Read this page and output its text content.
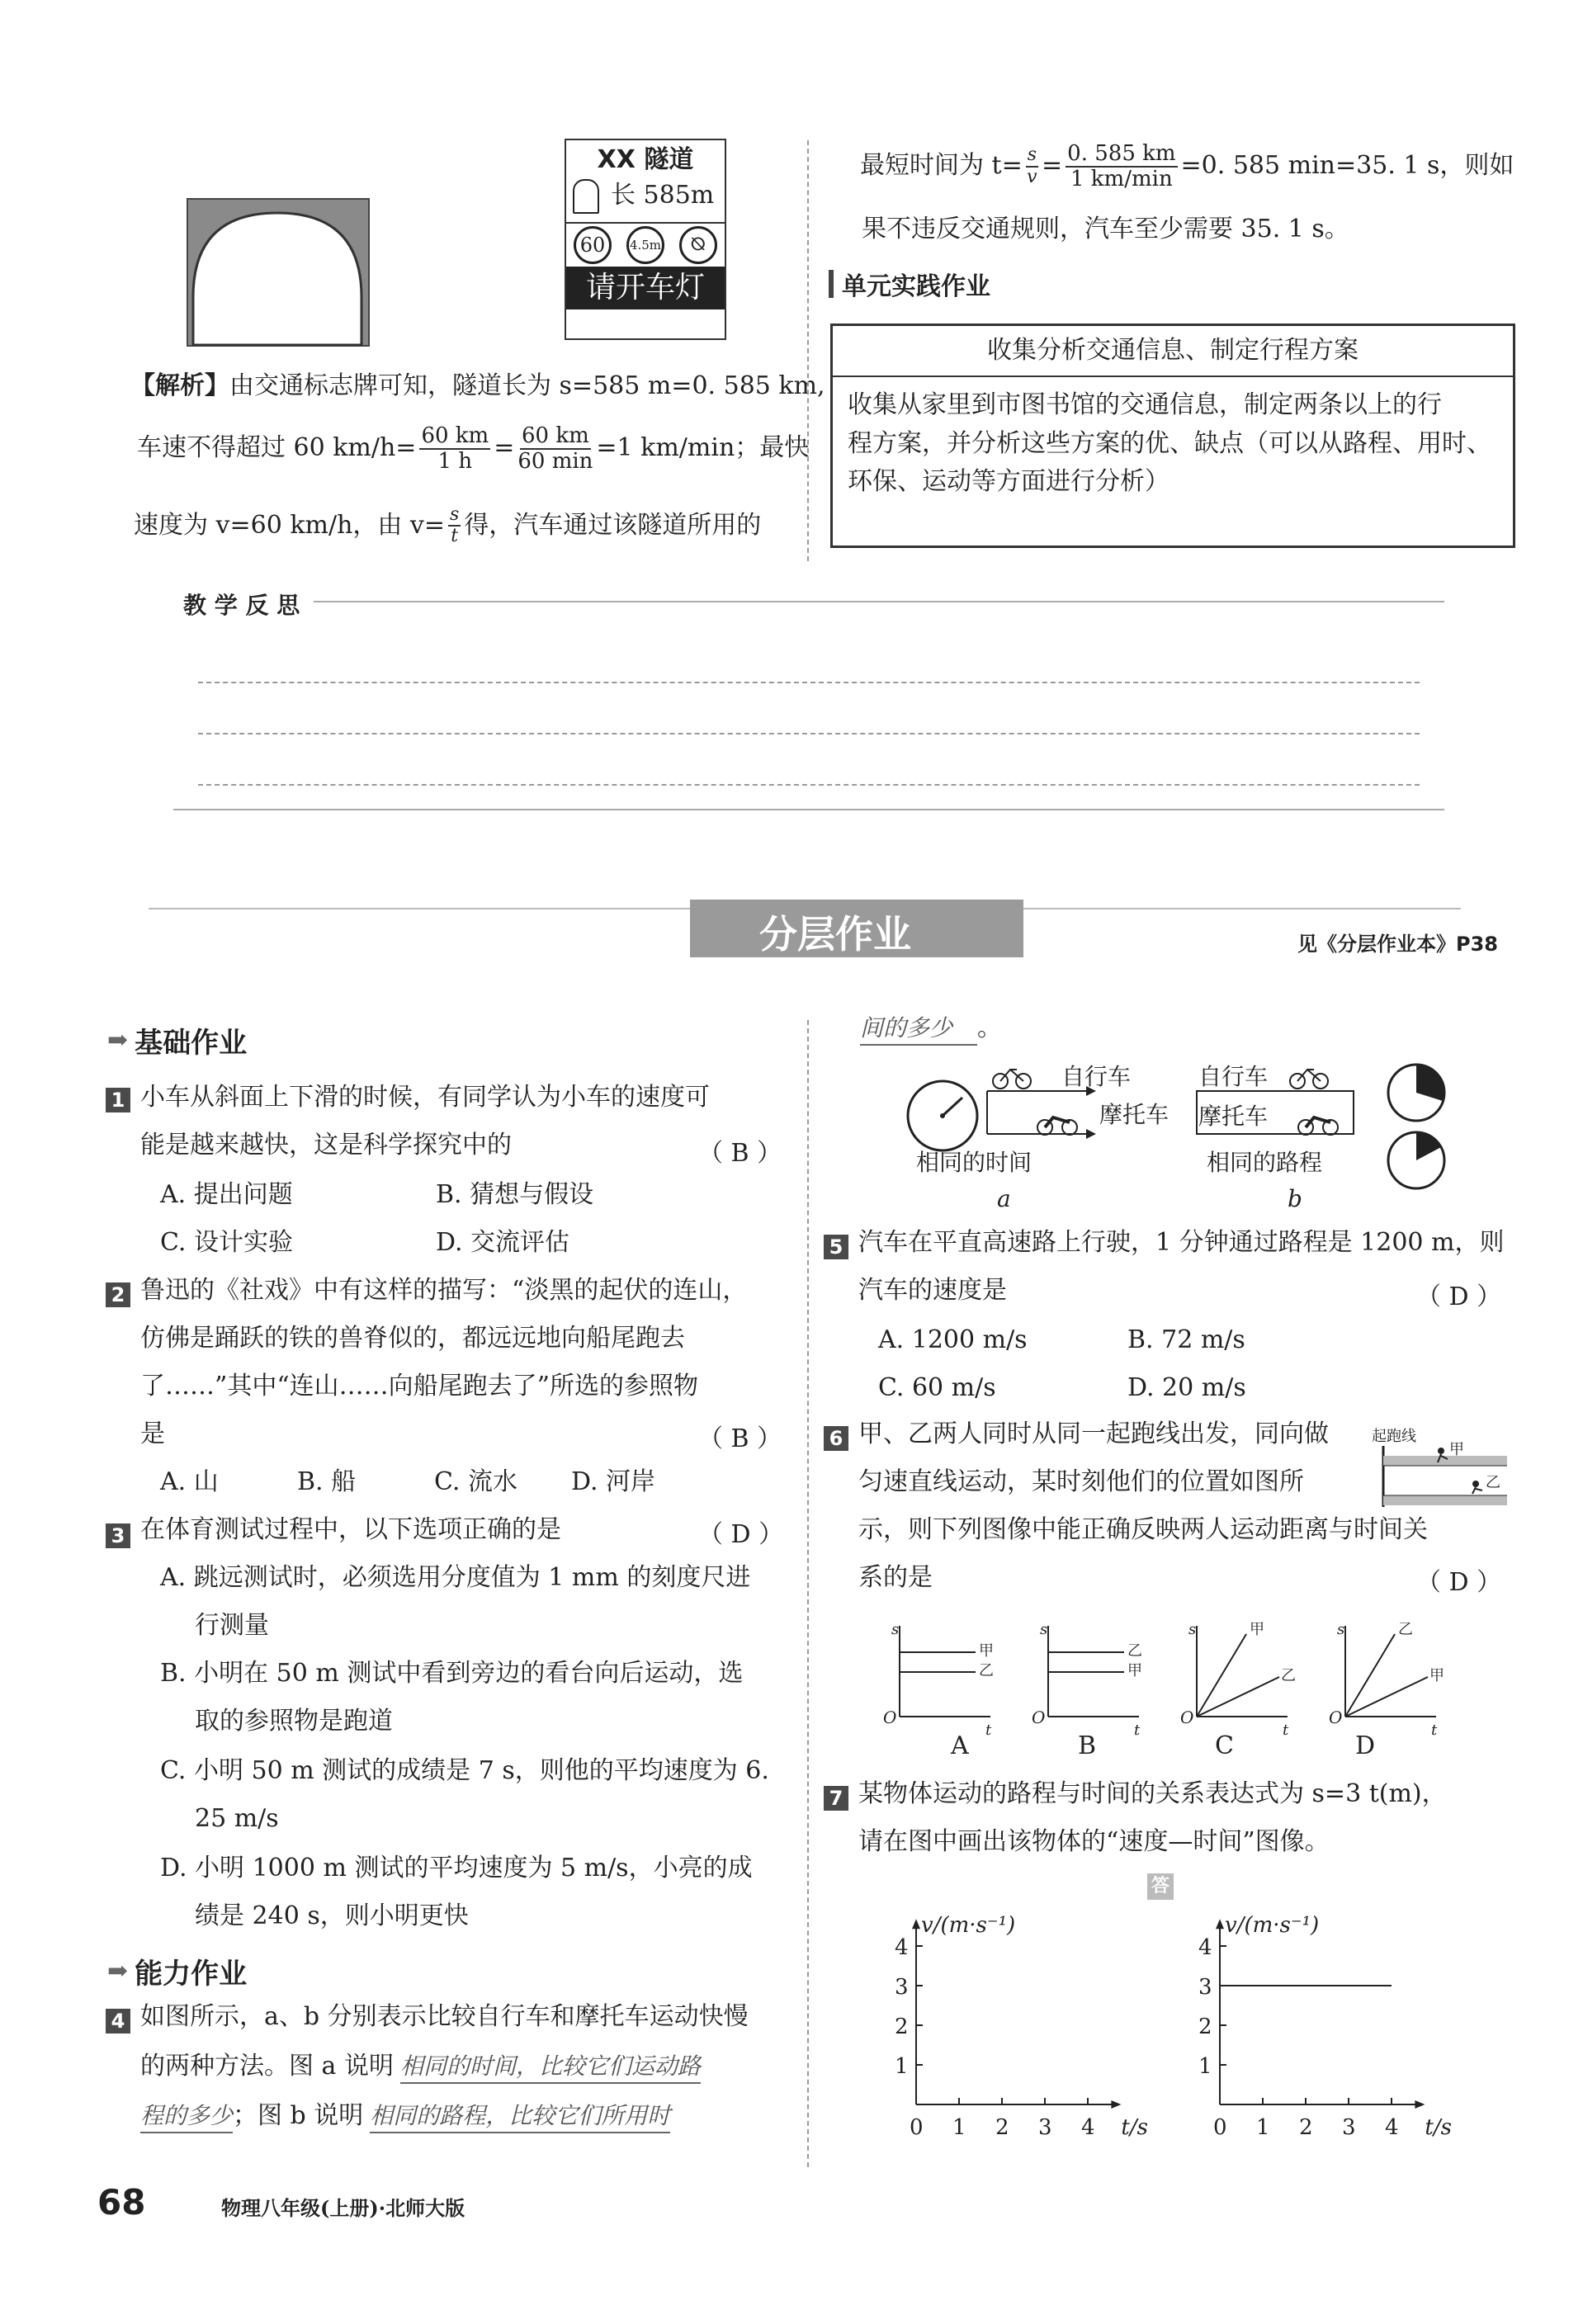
XX 隧道
长 585m
60	4.5m	⦰
请开车灯
【解析】由交通标志牌可知，隧道长为 s=585 m=0. 585 km,
车速不得超过 60 $km/h= \frac{60 km}{1 h} = 60$ km
60 min =1 km/min；最快
速度为 v=60 km/h，由 $v= \frac{s}{t}$ 得，汽车通过该隧道所用的
最短时间为 $t= \frac{s}{v} = 0$. 585 km
1 km/min =0. 585 min=35. 1 s，则如
果不违反交通规则，汽车至少需要 35. 1 s。
单元实践作业
收集分析交通信息、制定行程方案
收集从家里到市图书馆的交通信息，制定两条以上的行
程方案，并分析这些方案的优、缺点（可以从路程、用时、
环保、运动等方面进行分析）
教 学 反 思
分层作业	见《分层作业本》P38
➡ 基础作业
1 小车从斜面上下滑的时候，有同学认为小车的速度可
能是越来越快，这是科学探究中的	（ B ）
A. 提出问题	B. 猜想与假设
C. 设计实验	D. 交流评估
2 鲁迅的《社戏》中有这样的描写：“淡黑的起伏的连山，
仿佛是踊跃的铁的兽脊似的，都远远地向船尾跑去
了……”其中“连山……向船尾跑去了”所选的参照物
是	（ B ）
A. 山	B. 船	C. 流水 D. 河岸
3 在体育测试过程中，以下选项正确的是	（ D ）
A. 跳远测试时，必须选用分度值为 1 mm 的刻度尺进
行测量
B. 小明在 50 m 测试中看到旁边的看台向后运动，选
取的参照物是跑道
C. 小明 50 m 测试的成绩是 7 s，则他的平均速度为 6.
25 m/s
D. 小明 1000 m 测试的平均速度为 5 m/s，小亮的成
绩是 240 s，则小明更快
➡ 能力作业
4 如图所示，a、b 分别表示比较自行车和摩托车运动快慢
的两种方法。图 a 说明 相同的时间，比较它们运动路
程的多少；图 b 说明 相同的路程，比较它们所用时
间的多少 。
自行车
摩托车
相同的时间
a
自行车
摩托车
相同的路程
b
5 汽车在平直高速路上行驶，1 分钟通过路程是 1200 m，则
汽车的速度是	（ D ）
A. 1200 m/s	B. 72 m/s
C. 60 m/s	D. 20 m/s
6 甲、乙两人同时从同一起跑线出发，同向做
匀速直线运动，某时刻他们的位置如图所
示，则下列图像中能正确反映两人运动距离与时间关
系的是	（ D ）
起跑线
甲
乙
s
t
O
甲
乙
s
t
O
乙
甲
s
t
O
甲
乙
s
t
O
乙
甲
A	B	C	D
7 某物体运动的路程与时间的关系表达式为 s=3 t(m)，
请在图中画出该物体的“速度—时间”图像。
答
v/(m·s⁻¹)
t/s
4
3
2
1
0 1 2 3 4
v/(m·s⁻¹)
t/s
4
3
2
1
0 1 2 3 4
68	物理八年级(上册)·北师大版
